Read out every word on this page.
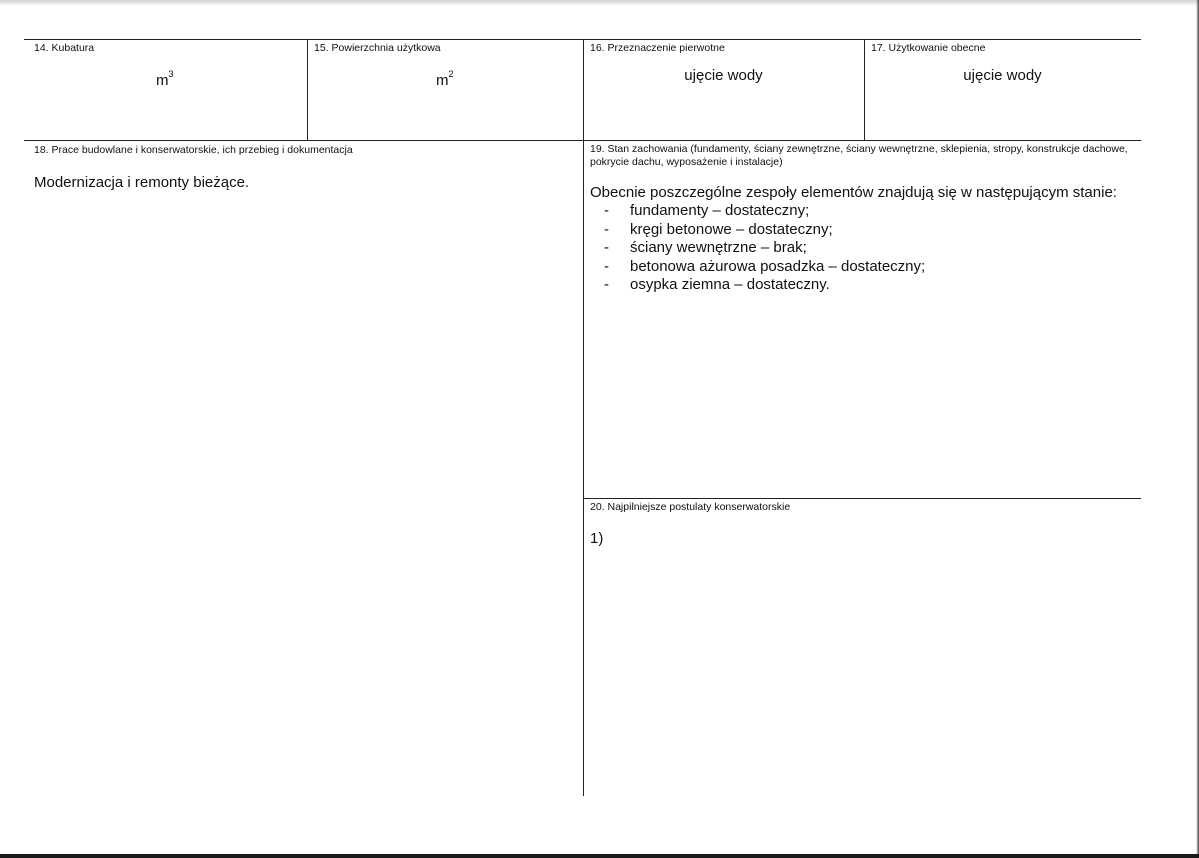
14. Kubatura
$m^3$
15. Powierzchnia użytkowa
$m^2$
16. Przeznaczenie pierwotne
ujęcie wody
17. Użytkowanie obecne
ujęcie wody
18. Prace budowlane i konserwatorskie, ich przebieg i dokumentacja
Modernizacja i remonty bieżące.
19. Stan zachowania (fundamenty, ściany zewnętrzne, ściany wewnętrzne, sklepienia, stropy, konstrukcje dachowe, pokrycie dachu, wyposażenie i instalacje)
Obecnie poszczególne zespoły elementów znajdują się w następującym stanie:
- fundamenty – dostateczny;
- kręgi betonowe – dostateczny;
- ściany wewnętrzne – brak;
- betonowa ażurowa posadzka – dostateczny;
- osypka ziemna – dostateczny.
20. Najpilniejsze postulaty konserwatorskie
1)
